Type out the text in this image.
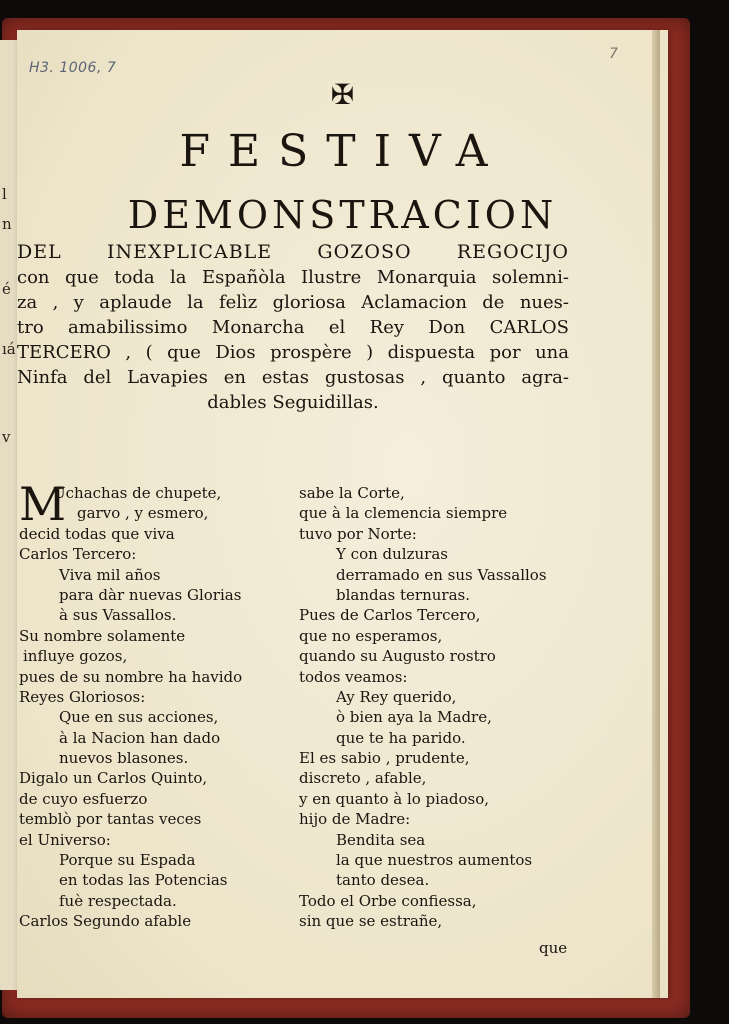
l
n
é
ıá
v
H3. 1006, 7
7
✠
FESTIVA
DEMONSTRACION
DEL INEXPLICABLE GOZOSO REGOCIJO
con que toda la Españòla Ilustre Monarquia solemni-
za , y aplaude la felìz gloriosa Aclamacion de nues-
tro amabilissimo Monarcha el Rey Don CARLOS
TERCERO , ( que Dios prospère ) dispuesta por una
Ninfa del Lavapies en estas gustosas , quanto agra-
dables Seguidillas.
M
Uchachas de chupete,
garvo , y esmero,
decid todas que viva
Carlos Tercero:
Viva mil años
para dàr nuevas Glorias
à sus Vassallos.
Su nombre solamente
influye gozos,
pues de su nombre ha havido
Reyes Gloriosos:
Que en sus acciones,
à la Nacion han dado
nuevos blasones.
Digalo un Carlos Quinto,
de cuyo esfuerzo
temblò por tantas veces
el Universo:
Porque su Espada
en todas las Potencias
fuè respectada.
Carlos Segundo afable
sabe la Corte,
que à la clemencia siempre
tuvo por Norte:
Y con dulzuras
derramado en sus Vassallos
blandas ternuras.
Pues de Carlos Tercero,
que no esperamos,
quando su Augusto rostro
todos veamos:
Ay Rey querido,
ò bien aya la Madre,
que te ha parido.
El es sabio , prudente,
discreto , afable,
y en quanto à lo piadoso,
hijo de Madre:
Bendita sea
la que nuestros aumentos
tanto desea.
Todo el Orbe confiessa,
sin que se estrañe,
que
